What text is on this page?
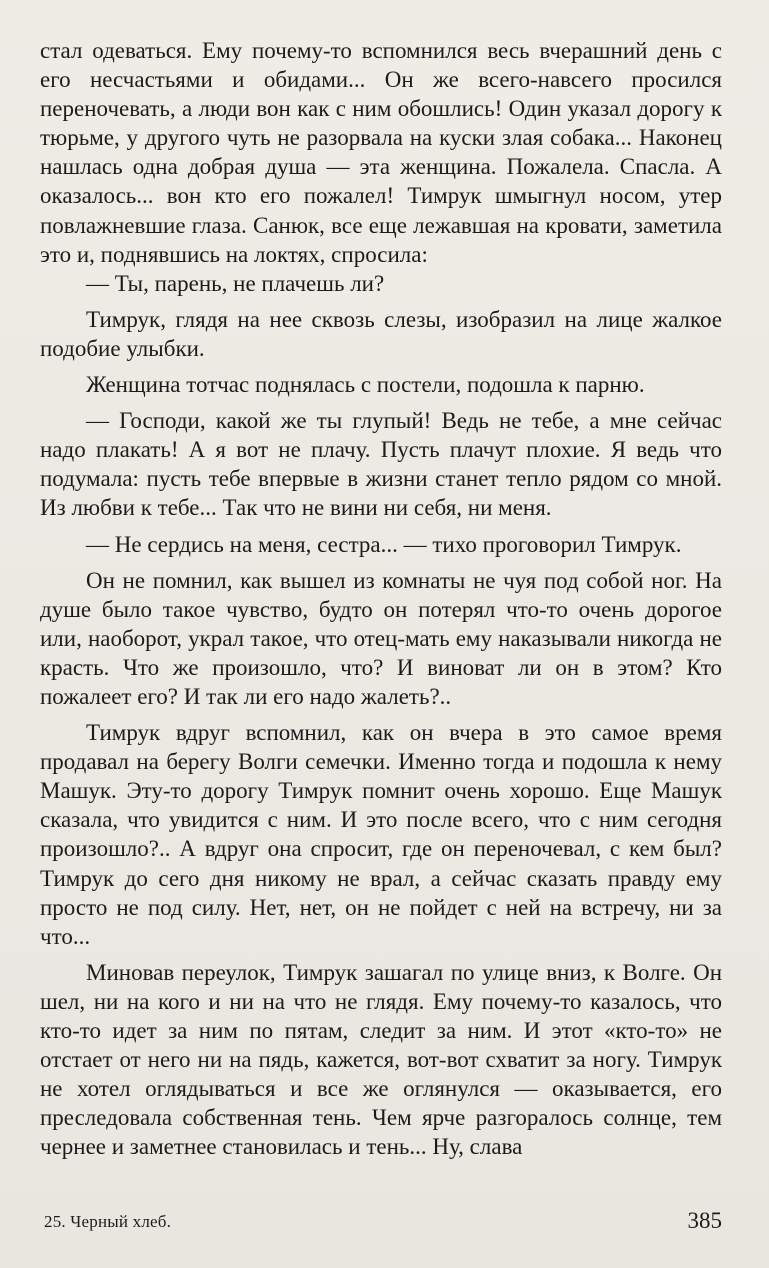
стал одеваться. Ему почему-то вспомнился весь вчерашний день с его несчастьями и обидами... Он же всего-навсего просился переночевать, а люди вон как с ним обошлись! Один указал дорогу к тюрьме, у другого чуть не разорвала на куски злая собака... Наконец нашлась одна добрая душа — эта женщина. Пожалела. Спасла. А оказалось... вон кто его пожалел! Тимрук шмыгнул носом, утер повлажневшие глаза. Санюк, все еще лежавшая на кровати, заметила это и, поднявшись на локтях, спросила:

— Ты, парень, не плачешь ли?

Тимрук, глядя на нее сквозь слезы, изобразил на лице жалкое подобие улыбки.

Женщина тотчас поднялась с постели, подошла к парню.

— Господи, какой же ты глупый! Ведь не тебе, а мне сейчас надо плакать! А я вот не плачу. Пусть плачут плохие. Я ведь что подумала: пусть тебе впервые в жизни станет тепло рядом со мной. Из любви к тебе... Так что не вини ни себя, ни меня.

— Не сердись на меня, сестра... — тихо проговорил Тимрук.

Он не помнил, как вышел из комнаты не чуя под собой ног. На душе было такое чувство, будто он потерял что-то очень дорогое или, наоборот, украл такое, что отец-мать ему наказывали никогда не красть. Что же произошло, что? И виноват ли он в этом? Кто пожалеет его? И так ли его надо жалеть?..

Тимрук вдруг вспомнил, как он вчера в это самое время продавал на берегу Волги семечки. Именно тогда и подошла к нему Машук. Эту-то дорогу Тимрук помнит очень хорошо. Еще Машук сказала, что увидится с ним. И это после всего, что с ним сегодня произошло?.. А вдруг она спросит, где он переночевал, с кем был? Тимрук до сего дня никому не врал, а сейчас сказать правду ему просто не под силу. Нет, нет, он не пойдет с ней на встречу, ни за что...

Миновав переулок, Тимрук зашагал по улице вниз, к Волге. Он шел, ни на кого и ни на что не глядя. Ему почему-то казалось, что кто-то идет за ним по пятам, следит за ним. И этот «кто-то» не отстает от него ни на пядь, кажется, вот-вот схватит за ногу. Тимрук не хотел оглядываться и все же оглянулся — оказывается, его преследовала собственная тень. Чем ярче разгоралось солнце, тем чернее и заметнее становилась и тень... Ну, слава

25. Черный хлеб.	385
